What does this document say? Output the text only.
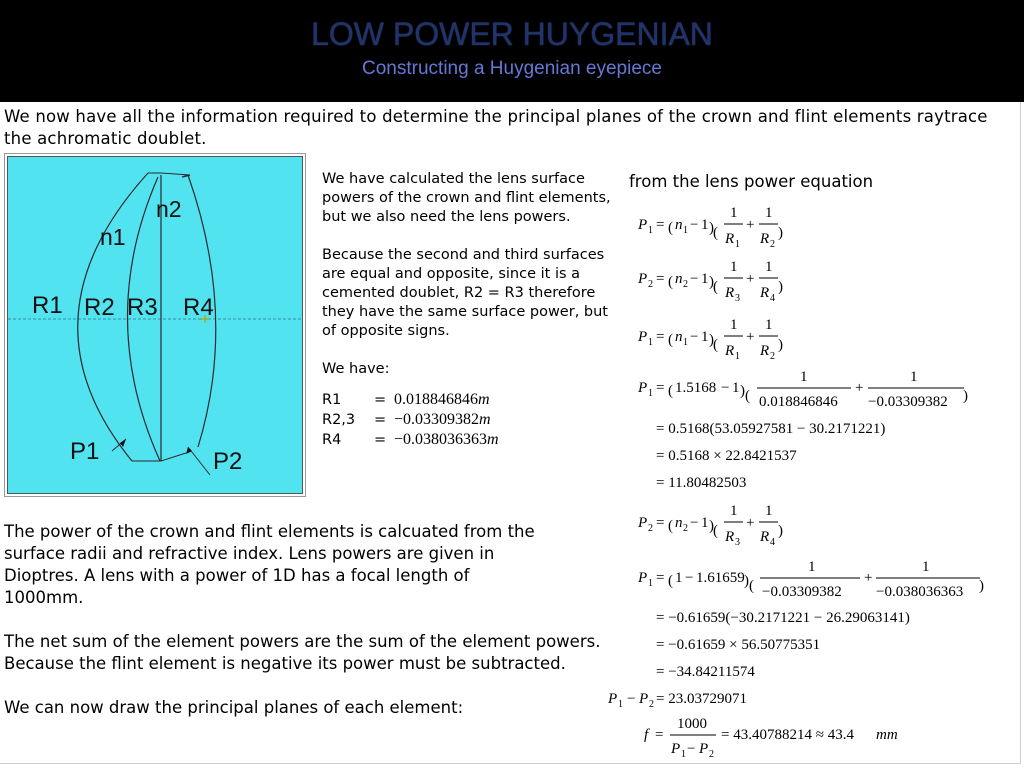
LOW POWER HUYGENIAN
Constructing a Huygenian eyepiece
We now have all the information required to determine the principal planes of the crown and flint elements raytrace the achromatic doublet.
n1
n2
R1 R2 R3 R4
P1	P2

We have calculated the lens surface powers of the crown and flint elements, but we also need the lens powers.

Because the second and third surfaces are equal and opposite, since it is a cemented doublet, R2 = R3 therefore they have the same surface power, but of opposite signs.

We have:

R1	=	0.018846846m
R2,3	=	−0.03309382m
R4	=	−0.038036363m

The power of the crown and flint elements is calcuated from the surface radii and refractive index. Lens powers are given in Dioptres. A lens with a power of 1D has a focal length of 1000mm.

The net sum of the element powers are the sum of the element powers. Because the flint element is negative its power must be subtracted.

We can now draw the principal planes of each element:

from the lens power equation
P 1 = ( n 1 − 1 ) (
1
R 1
+
1
R 2
)
P 2 = ( n 2 − 1 ) (
1
R 3
+
1
R 4
)
P 1 = ( n 1 − 1 ) (
1
R 1
+
1
R 2
)
P 1 = ( 1.5168 − 1 ) (
1
0.018846846
+
1
−0.03309382 )
= 0.5168(53.05927581 − 30.2171221)
= 0.5168 × 22.8421537
= 11.80482503
P 2 = ( n 2 − 1 ) (
1
R 3
+
1
R 4
)
P 1 = ( 1 − 1.61659 ) (
1
−0.03309382
+
1
−0.038036363 )
= −0.61659(−30.2171221 − 26.29063141)
= −0.61659 × 56.50775351
= −34.84211574
P 1 − P 2 = 23.03729071
f =
1000
P 1 − P 2
= 43.40788214 ≈ 43.4 mm
